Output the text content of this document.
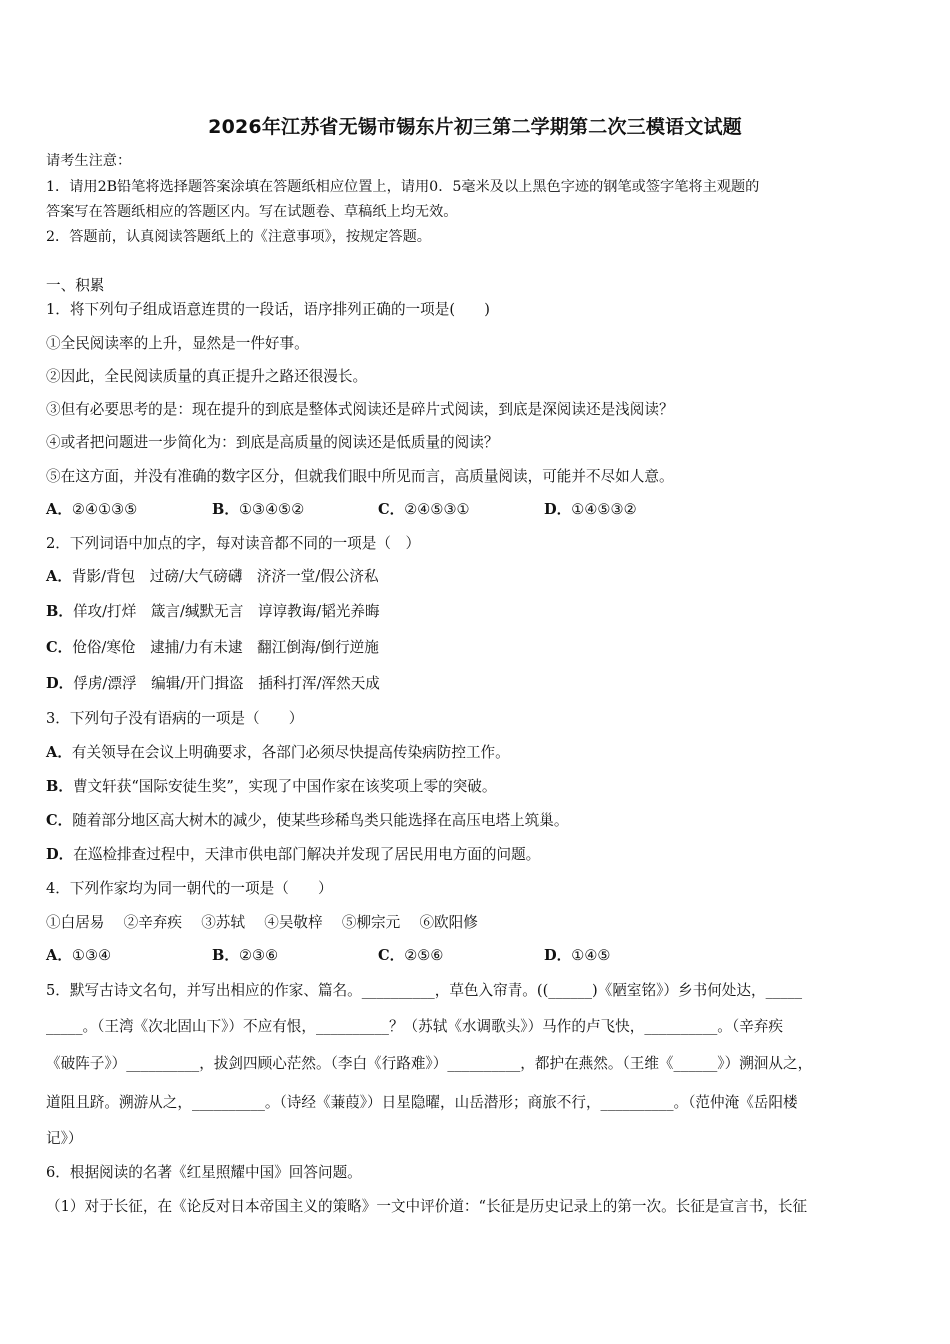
2026年江苏省无锡市锡东片初三第二学期第二次三模语文试题
请考生注意：
1．请用2B铅笔将选择题答案涂填在答题纸相应位置上，请用0．5毫米及以上黑色字迹的钢笔或签字笔将主观题的
答案写在答题纸相应的答题区内。写在试题卷、草稿纸上均无效。
2．答题前，认真阅读答题纸上的《注意事项》，按规定答题。
一、积累
1．将下列句子组成语意连贯的一段话，语序排列正确的一项是(　　)
①全民阅读率的上升，显然是一件好事。
②因此，全民阅读质量的真正提升之路还很漫长。
③但有必要思考的是：现在提升的到底是整体式阅读还是碎片式阅读，到底是深阅读还是浅阅读？
④或者把问题进一步简化为：到底是高质量的阅读还是低质量的阅读？
⑤在这方面，并没有准确的数字区分，但就我们眼中所见而言，高质量阅读，可能并不尽如人意。
A．②④①③⑤	B．①③④⑤②	C．②④⑤③①	D．①④⑤③②
2．下列词语中加点的字，每对读音都不同的一项是（　）
A．背影/背包　过磅/大气磅礴　济济一堂/假公济私
B．佯攻/打烊　箴言/缄默无言　谆谆教诲/韬光养晦
C．伧俗/寒伧　逮捕/力有未逮　翻江倒海/倒行逆施
D．俘虏/漂浮　编辑/开门揖盗　插科打浑/浑然天成
3．下列句子没有语病的一项是（　　）
A．有关领导在会议上明确要求，各部门必须尽快提高传染病防控工作。
B．曹文轩获“国际安徒生奖”，实现了中国作家在该奖项上零的突破。
C．随着部分地区高大树木的减少，使某些珍稀鸟类只能选择在高压电塔上筑巢。
D．在巡检排查过程中，天津市供电部门解决并发现了居民用电方面的问题。
4．下列作家均为同一朝代的一项是（　　）
①白居易　 ②辛弃疾　 ③苏轼　 ④吴敬梓　 ⑤柳宗元　 ⑥欧阳修
A．①③④	B．②③⑥	C．②⑤⑥	D．①④⑤
5．默写古诗文名句，并写出相应的作家、篇名。__________，草色入帘青。((______)《陋室铭》）乡书何处达，_____
_____。（王湾《次北固山下》）不应有恨，__________？（苏轼《水调歌头》）马作的卢飞快，__________。（辛弃疾
《破阵子》）__________，拔剑四顾心茫然。（李白《行路难》）__________，都护在燕然。（王维《______》）溯洄从之，
道阻且跻。溯游从之，__________。（诗经《蒹葭》）日星隐曜，山岳潜形；商旅不行，__________。（范仲淹《岳阳楼
记》）
6．根据阅读的名著《红星照耀中国》回答问题。
（1）对于长征，在《论反对日本帝国主义的策略》一文中评价道：“长征是历史记录上的第一次。长征是宣言书，长征
